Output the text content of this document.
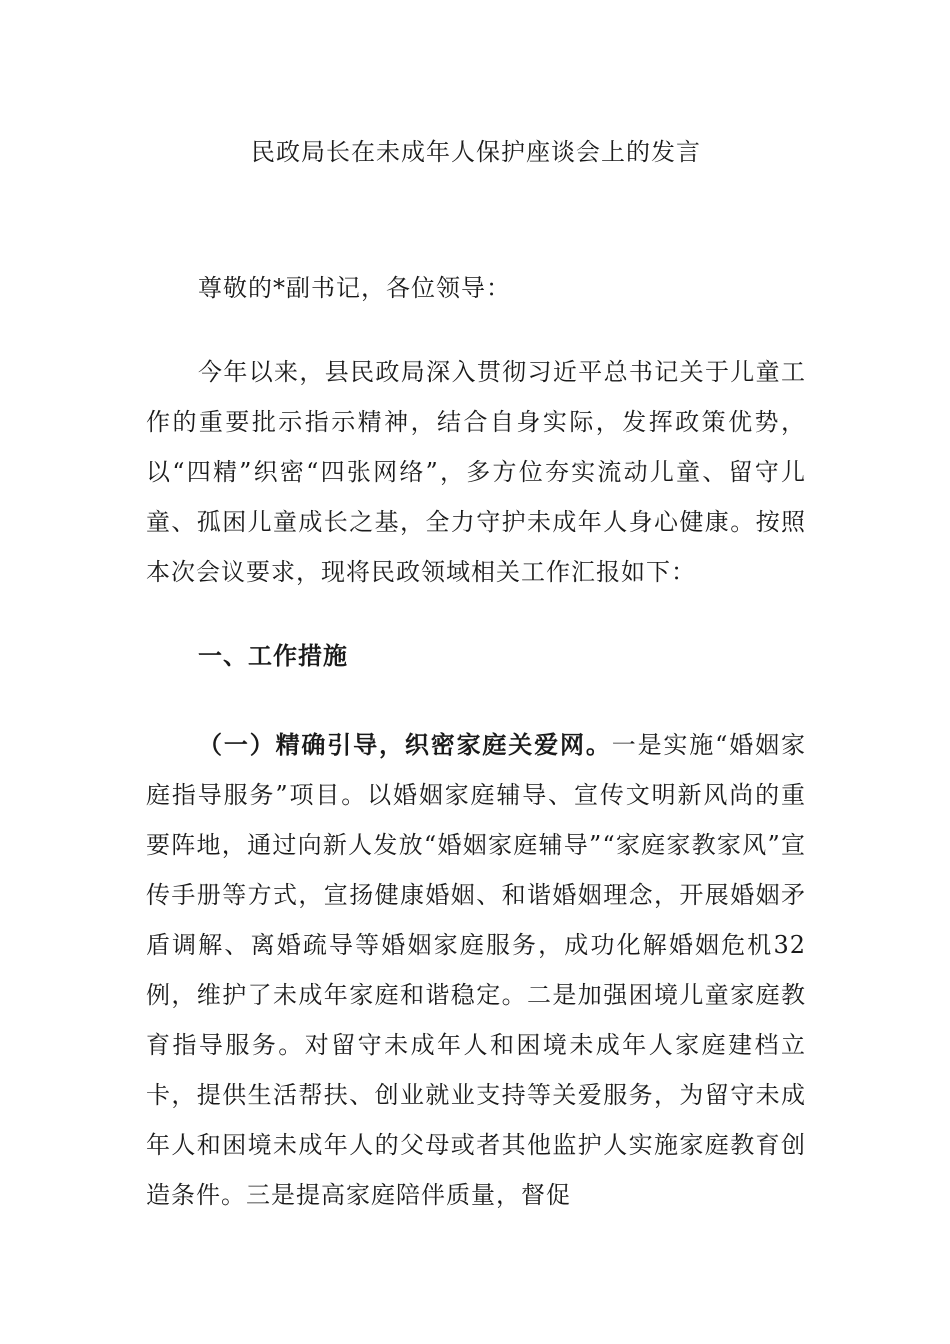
民政局长在未成年人保护座谈会上的发言

尊敬的*副书记，各位领导：

今年以来，县民政局深入贯彻习近平总书记关于儿童工作的重要批示指示精神，结合自身实际，发挥政策优势，以“四精”织密“四张网络”，多方位夯实流动儿童、留守儿童、孤困儿童成长之基，全力守护未成年人身心健康。按照本次会议要求，现将民政领域相关工作汇报如下：

一、工作措施

（一）精确引导，织密家庭关爱网。一是实施“婚姻家庭指导服务”项目。以婚姻家庭辅导、宣传文明新风尚的重要阵地，通过向新人发放“婚姻家庭辅导”“家庭家教家风”宣传手册等方式，宣扬健康婚姻、和谐婚姻理念，开展婚姻矛盾调解、离婚疏导等婚姻家庭服务，成功化解婚姻危机32例，维护了未成年家庭和谐稳定。二是加强困境儿童家庭教育指导服务。对留守未成年人和困境未成年人家庭建档立卡，提供生活帮扶、创业就业支持等关爱服务，为留守未成年人和困境未成年人的父母或者其他监护人实施家庭教育创造条件。三是提高家庭陪伴质量，督促
